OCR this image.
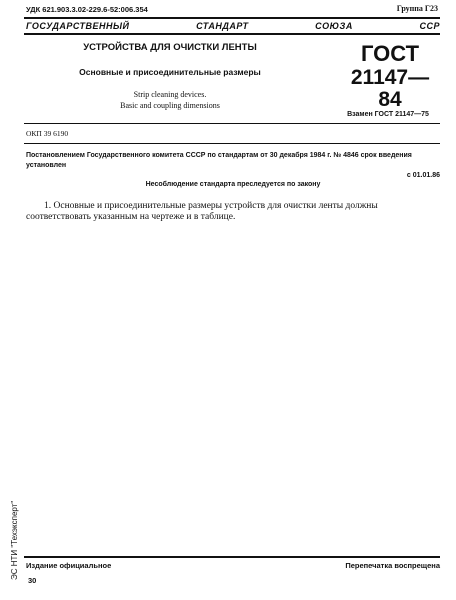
УДК 621.903.3.02-229.6-52:006.354	Группа Г23
ГОСУДАРСТВЕННЫЙ	СТАНДАРТ	СОЮЗА	ССР
УСТРОЙСТВА ДЛЯ ОЧИСТКИ ЛЕНТЫ
Основные и присоединительные размеры
Strip cleaning devices.
Basic and coupling dimensions
ГОСТ
21147—84
Взамен ГОСТ 21147—75
ОКП 39 6190
Постановлением Государственного комитета СССР по стандартам от 30 декабря 1984 г. № 4846 срок введения установлен
с 01.01.86
Несоблюдение стандарта преследуется по закону
1. Основные и присоединительные размеры устройств для очистки ленты должны соответствовать указанным на чертеже и в таблице.
ЭС НТИ "Техэксперт" Издание официальное	Перепечатка воспрещена
30
